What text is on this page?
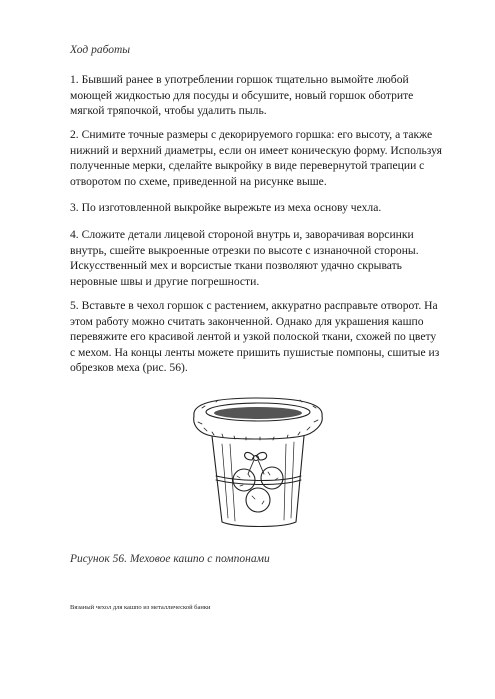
Ход работы

1. Бывший ранее в употреблении горшок тщательно вымойте любой моющей жидкостью для посуды и обсушите, новый горшок оботрите мягкой тряпочкой, чтобы удалить пыль.

2. Снимите точные размеры с декорируемого горшка: его высоту, а также нижний и верхний диаметры, если он имеет коническую форму. Используя полученные мерки, сделайте выкройку в виде перевернутой трапеции с отворотом по схеме, приведенной на рисунке выше.

3. По изготовленной выкройке вырежьте из меха основу чехла.

4. Сложите детали лицевой стороной внутрь и, заворачивая ворсинки внутрь, сшейте выкроенные отрезки по высоте с изнаночной стороны. Искусственный мех и ворсистые ткани позволяют удачно скрывать неровные швы и другие погрешности.

5. Вставьте в чехол горшок с растением, аккуратно расправьте отворот. На этом работу можно считать законченной. Однако для украшения кашпо перевяжите его красивой лентой и узкой полоской ткани, схожей по цвету с мехом. На концы ленты можете пришить пушистые помпоны, сшитые из обрезков меха (рис. 56).

Рисунок 56. Меховое кашпо с помпонами
Вязаный чехол для кашпо из металлической банки
